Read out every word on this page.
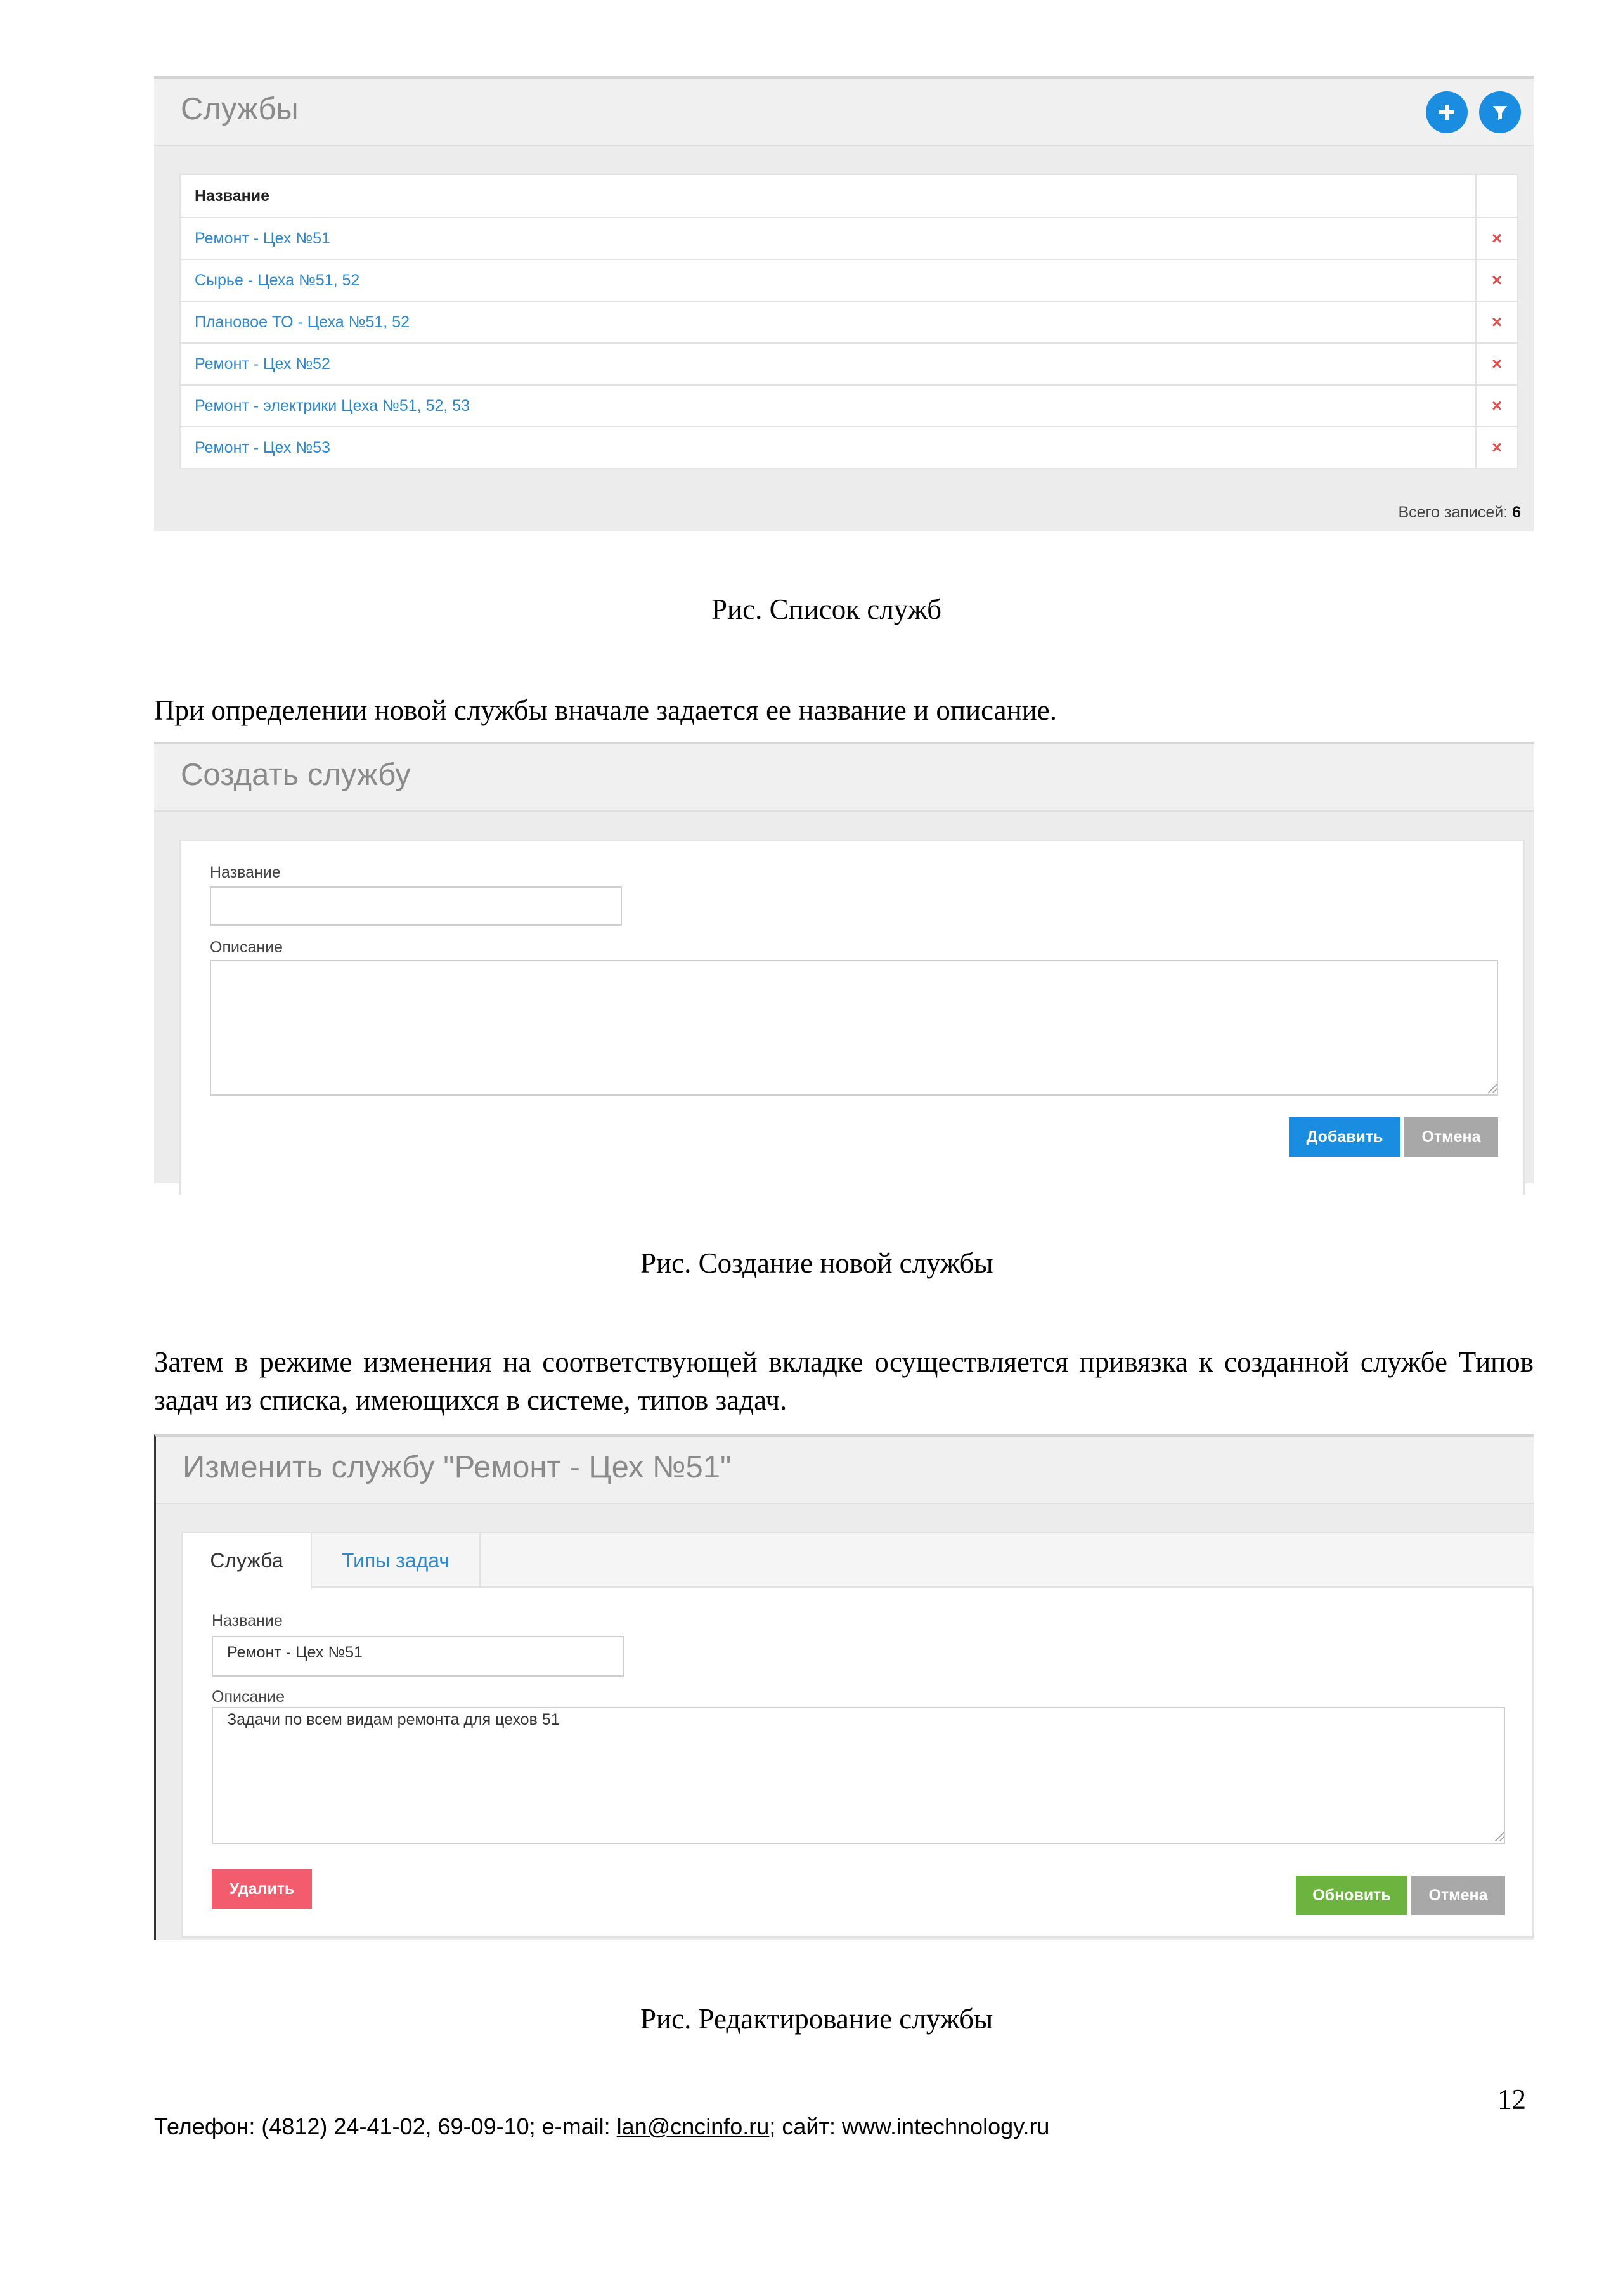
Службы
Название	
Ремонт - Цех №51	×
Сырье - Цеха №51, 52	×
Плановое ТО - Цеха №51, 52	×
Ремонт - Цех №52	×
Ремонт - электрики Цеха №51, 52, 53	×
Ремонт - Цех №53	×
Всего записей: 6
Рис. Список служб
При определении новой службы вначале задается ее название и описание.
Создать службу
Название
Описание
Добавить	Отмена
Рис. Создание новой службы
Затем в режиме изменения на соответствующей вкладке осуществляется привязка к созданной службе Типов задач из списка, имеющихся в системе, типов задач.
Изменить службу "Ремонт - Цех №51"
Служба	Типы задач
Название
Ремонт - Цех №51
Описание
Задачи по всем видам ремонта для цехов 51
Удалить	Обновить	Отмена
Рис. Редактирование службы
12
Телефон: (4812) 24-41-02, 69-09-10; e-mail: lan@cncinfo.ru; сайт: www.intechnology.ru
